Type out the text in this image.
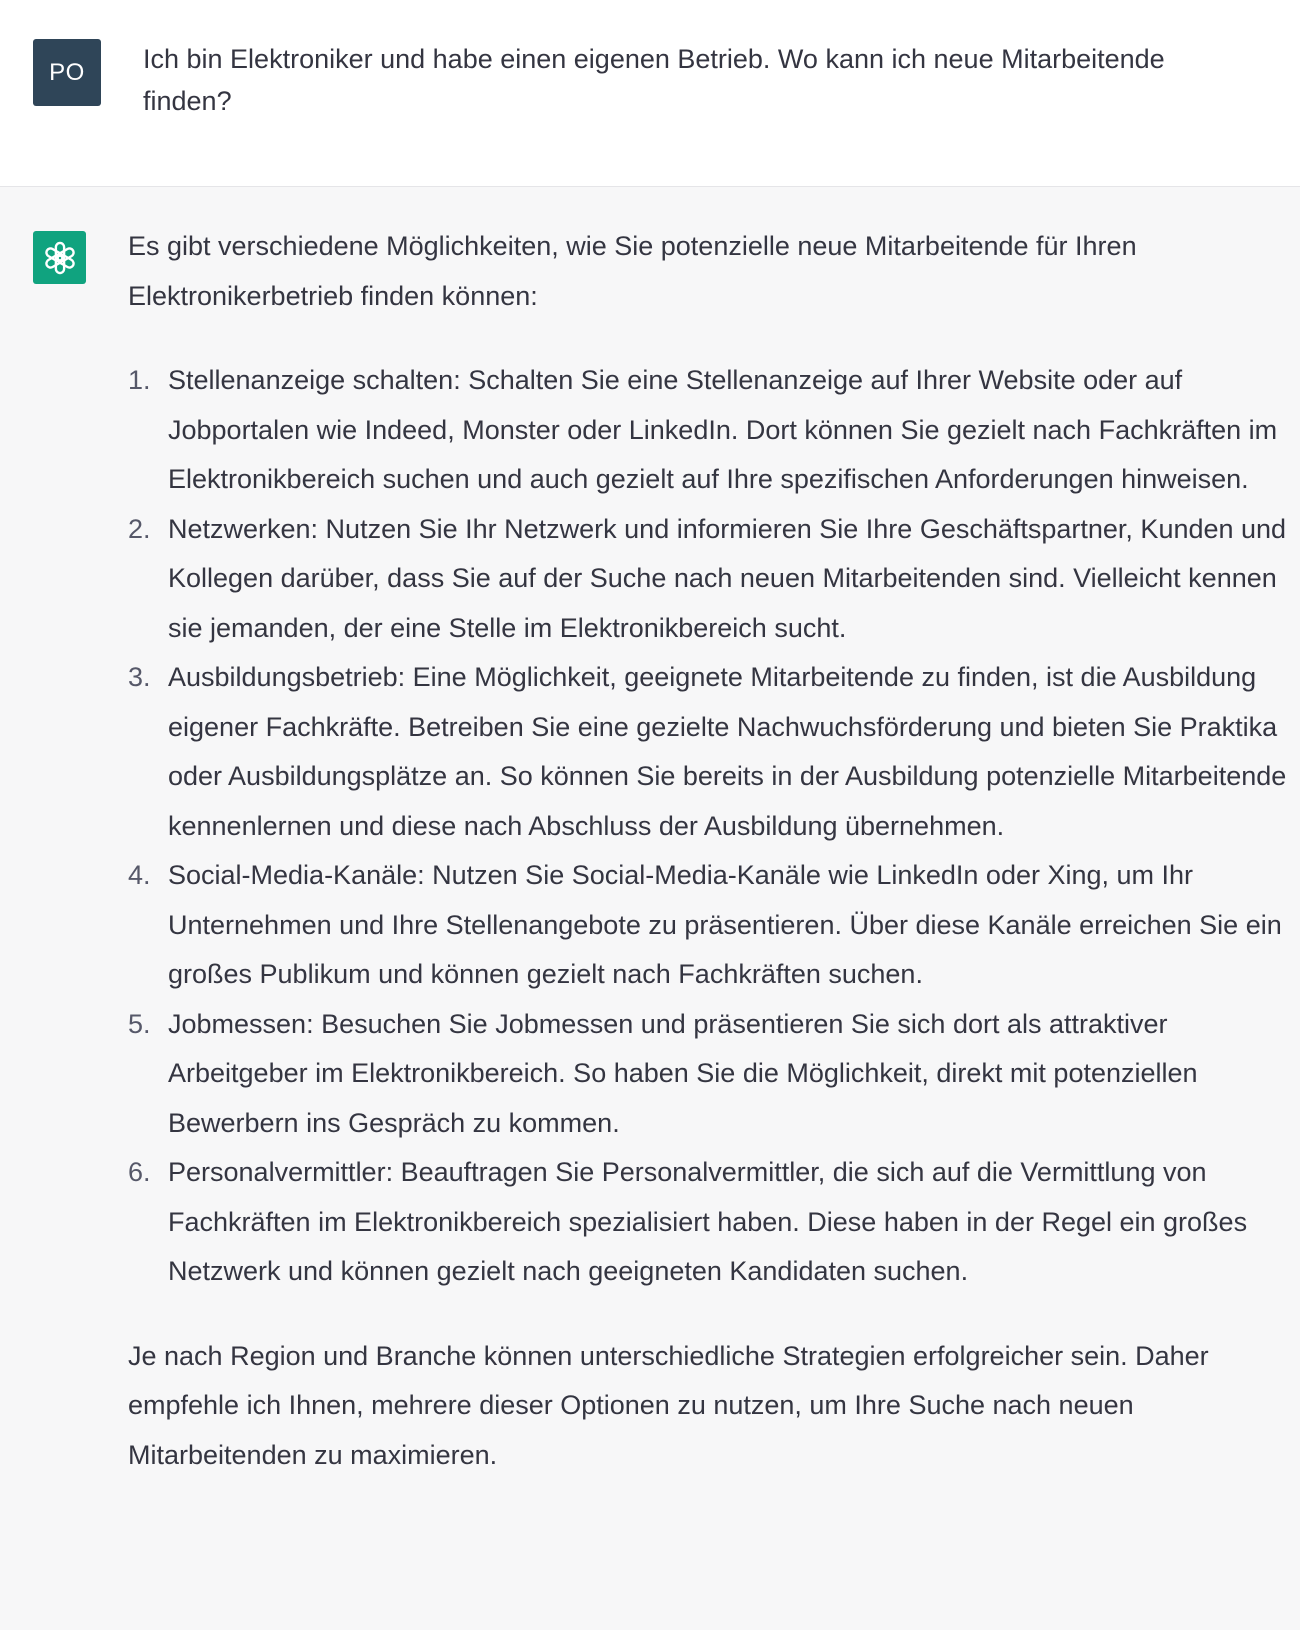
PO Ich bin Elektroniker und habe einen eigenen Betrieb. Wo kann ich neue Mitarbeitende finden?

Es gibt verschiedene Möglichkeiten, wie Sie potenzielle neue Mitarbeitende für Ihren Elektronikerbetrieb finden können:

1. Stellenanzeige schalten: Schalten Sie eine Stellenanzeige auf Ihrer Website oder auf Jobportalen wie Indeed, Monster oder LinkedIn. Dort können Sie gezielt nach Fachkräften im Elektronikbereich suchen und auch gezielt auf Ihre spezifischen Anforderungen hinweisen.
2. Netzwerken: Nutzen Sie Ihr Netzwerk und informieren Sie Ihre Geschäftspartner, Kunden und Kollegen darüber, dass Sie auf der Suche nach neuen Mitarbeitenden sind. Vielleicht kennen sie jemanden, der eine Stelle im Elektronikbereich sucht.
3. Ausbildungsbetrieb: Eine Möglichkeit, geeignete Mitarbeitende zu finden, ist die Ausbildung eigener Fachkräfte. Betreiben Sie eine gezielte Nachwuchsförderung und bieten Sie Praktika oder Ausbildungsplätze an. So können Sie bereits in der Ausbildung potenzielle Mitarbeitende kennenlernen und diese nach Abschluss der Ausbildung übernehmen.
4. Social-Media-Kanäle: Nutzen Sie Social-Media-Kanäle wie LinkedIn oder Xing, um Ihr Unternehmen und Ihre Stellenangebote zu präsentieren. Über diese Kanäle erreichen Sie ein großes Publikum und können gezielt nach Fachkräften suchen.
5. Jobmessen: Besuchen Sie Jobmessen und präsentieren Sie sich dort als attraktiver Arbeitgeber im Elektronikbereich. So haben Sie die Möglichkeit, direkt mit potenziellen Bewerbern ins Gespräch zu kommen.
6. Personalvermittler: Beauftragen Sie Personalvermittler, die sich auf die Vermittlung von Fachkräften im Elektronikbereich spezialisiert haben. Diese haben in der Regel ein großes Netzwerk und können gezielt nach geeigneten Kandidaten suchen.

Je nach Region und Branche können unterschiedliche Strategien erfolgreicher sein. Daher empfehle ich Ihnen, mehrere dieser Optionen zu nutzen, um Ihre Suche nach neuen Mitarbeitenden zu maximieren.
